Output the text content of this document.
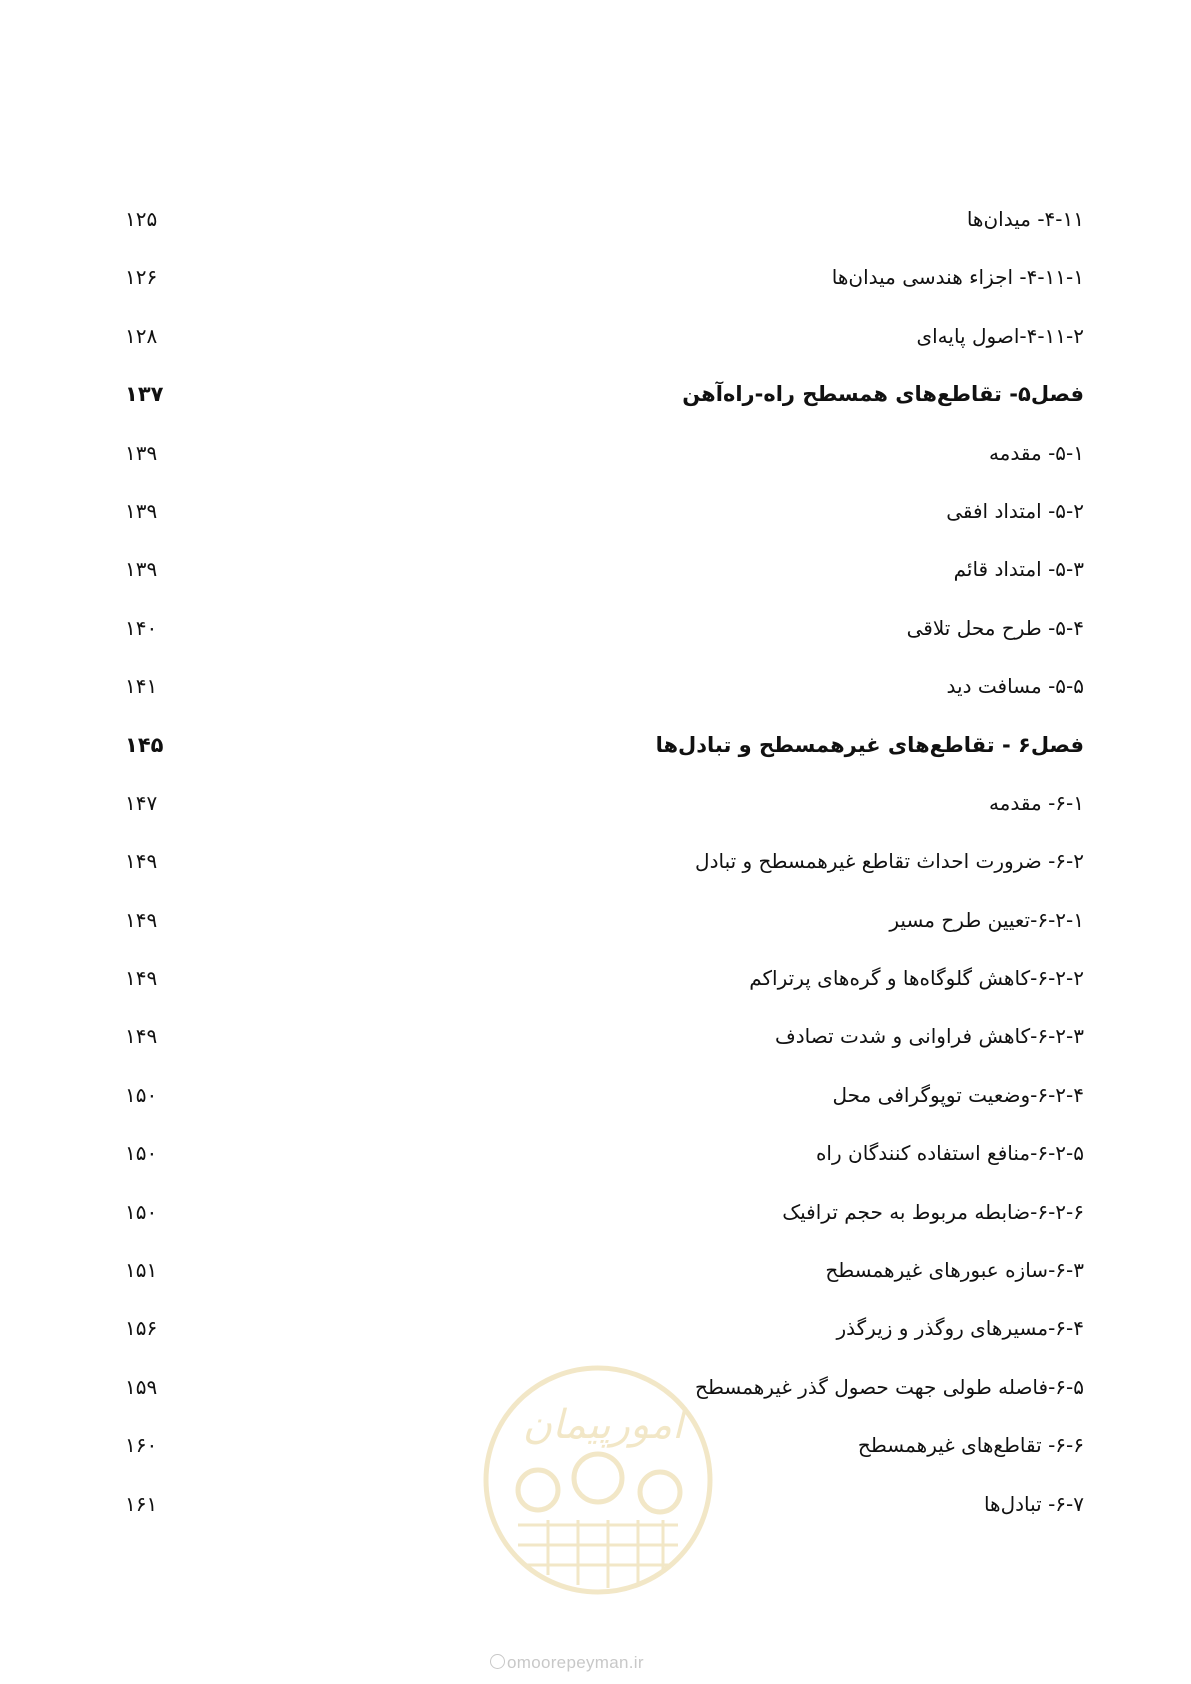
۴-۱۱- میدان‌ها
۱۲۵
۴-۱۱-۱- اجزاء هندسی میدان‌ها
۱۲۶
۴-۱۱-۲-اصول پایه‌ای
۱۲۸
فصل۵- تقاطع‌های همسطح راه-راه‌آهن
۱۳۷
۵-۱- مقدمه
۱۳۹
۵-۲- امتداد افقی
۱۳۹
۵-۳- امتداد قائم
۱۳۹
۵-۴- طرح محل تلاقی
۱۴۰
۵-۵- مسافت دید
۱۴۱
فصل۶ - تقاطع‌های غیرهمسطح و تبادل‌ها
۱۴۵
۶-۱- مقدمه
۱۴۷
۶-۲- ضرورت احداث تقاطع غیرهمسطح و تبادل
۱۴۹
۶-۲-۱-تعیین طرح مسیر
۱۴۹
۶-۲-۲-کاهش گلوگاه‌ها و گره‌های پرتراکم
۱۴۹
۶-۲-۳-کاهش فراوانی و شدت تصادف
۱۴۹
۶-۲-۴-وضعیت توپوگرافی محل
۱۵۰
۶-۲-۵-منافع استفاده کنندگان راه
۱۵۰
۶-۲-۶-ضابطه مربوط به حجم ترافیک
۱۵۰
۶-۳-سازه عبورهای غیرهمسطح
۱۵۱
۶-۴-مسیرهای روگذر و زیرگذر
۱۵۶
۶-۵-فاصله طولی جهت حصول گذر غیرهمسطح
۱۵۹
۶-۶- تقاطع‌های غیرهمسطح
۱۶۰
۶-۷- تبادل‌ها
۱۶۱
امورپیمان
omoorepeyman.ir
